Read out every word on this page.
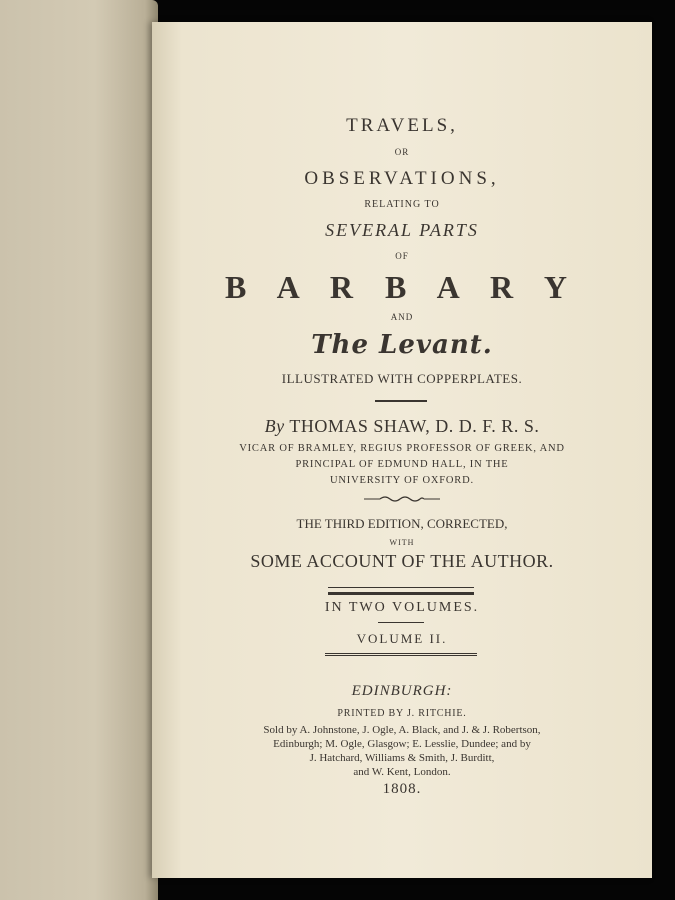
TRAVELS,

OR

OBSERVATIONS,

RELATING TO

SEVERAL PARTS

OF

B A R B A R Y

AND

The Levant.

ILLUSTRATED WITH COPPERPLATES.

By THOMAS SHAW, D. D. F. R. S.

VICAR OF BRAMLEY, REGIUS PROFESSOR OF GREEK, AND

PRINCIPAL OF EDMUND HALL, IN THE

UNIVERSITY OF OXFORD.

THE THIRD EDITION, CORRECTED,

WITH

SOME ACCOUNT OF THE AUTHOR.

IN TWO VOLUMES.

VOLUME II.

EDINBURGH:

PRINTED BY J. RITCHIE.

Sold by A. Johnstone, J. Ogle, A. Black, and J. & J. Robertson,

Edinburgh; M. Ogle, Glasgow; E. Lesslie, Dundee; and by

J. Hatchard, Williams & Smith, J. Burditt,

and W. Kent, London.

1808.
